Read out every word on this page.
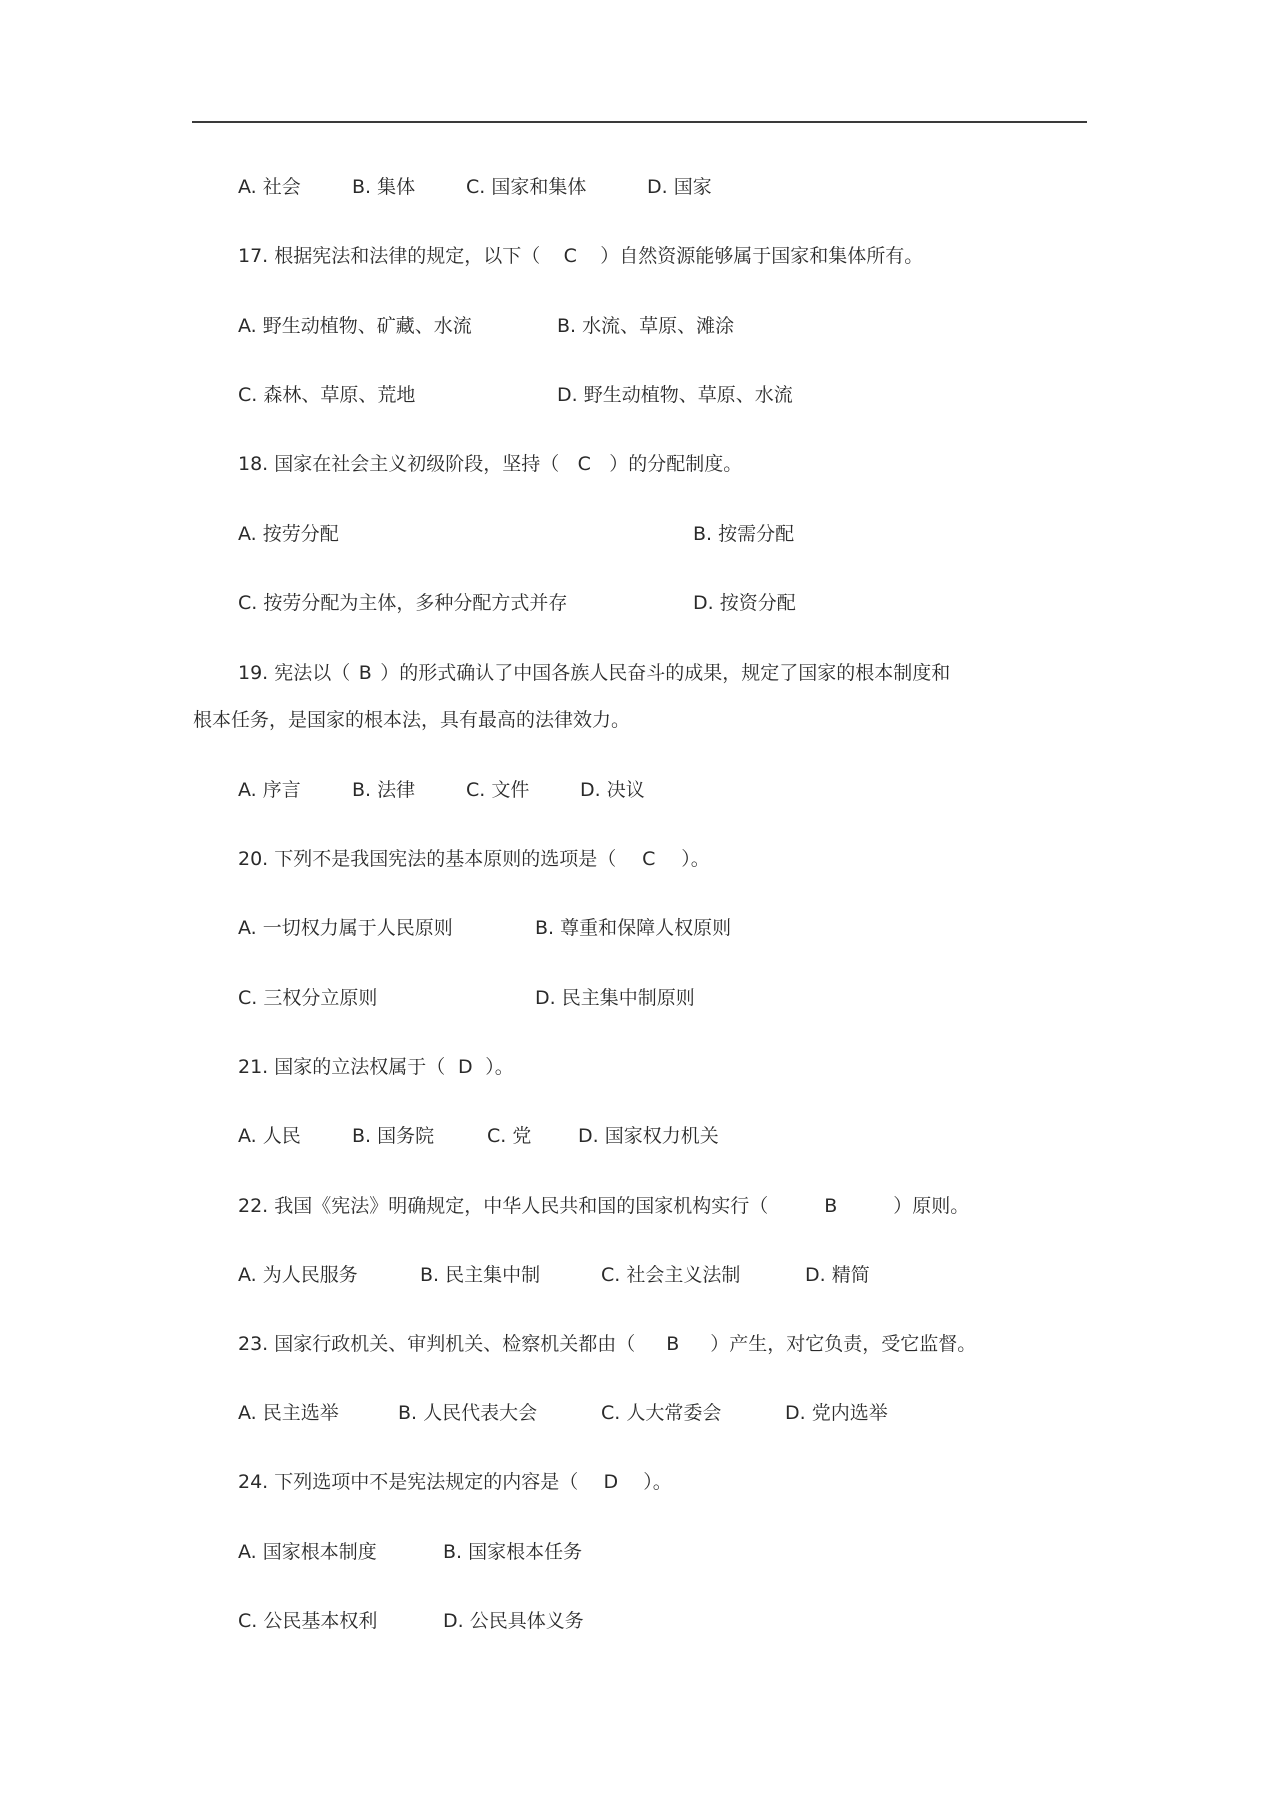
A. 社会	B. 集体	C. 国家和集体	D. 国家
17. 根据宪法和法律的规定，以下（ C ）自然资源能够属于国家和集体所有。
A. 野生动植物、矿藏、水流	B. 水流、草原、滩涂
C. 森林、草原、荒地	D. 野生动植物、草原、水流
18. 国家在社会主义初级阶段，坚持（ C ）的分配制度。
A. 按劳分配	B. 按需分配
C. 按劳分配为主体，多种分配方式并存	D. 按资分配
19. 宪法以（ B ）的形式确认了中国各族人民奋斗的成果，规定了国家的根本制度和
根本任务，是国家的根本法，具有最高的法律效力。
A. 序言	B. 法律	C. 文件	D. 决议
20. 下列不是我国宪法的基本原则的选项是（ C ）。
A. 一切权力属于人民原则	B. 尊重和保障人权原则
C. 三权分立原则	D. 民主集中制原则
21. 国家的立法权属于（ D ）。
A. 人民	B. 国务院	C. 党 D. 国家权力机关
22. 我国《宪法》明确规定，中华人民共和国的国家机构实行（	B	）原则。
A. 为人民服务	B. 民主集中制	C. 社会主义法制	D. 精简
23. 国家行政机关、审判机关、检察机关都由（ B ）产生，对它负责，受它监督。
A. 民主选举	B. 人民代表大会	C. 人大常委会	D. 党内选举
24. 下列选项中不是宪法规定的内容是（ D ）。
A. 国家根本制度	B. 国家根本任务
C. 公民基本权利	D. 公民具体义务
